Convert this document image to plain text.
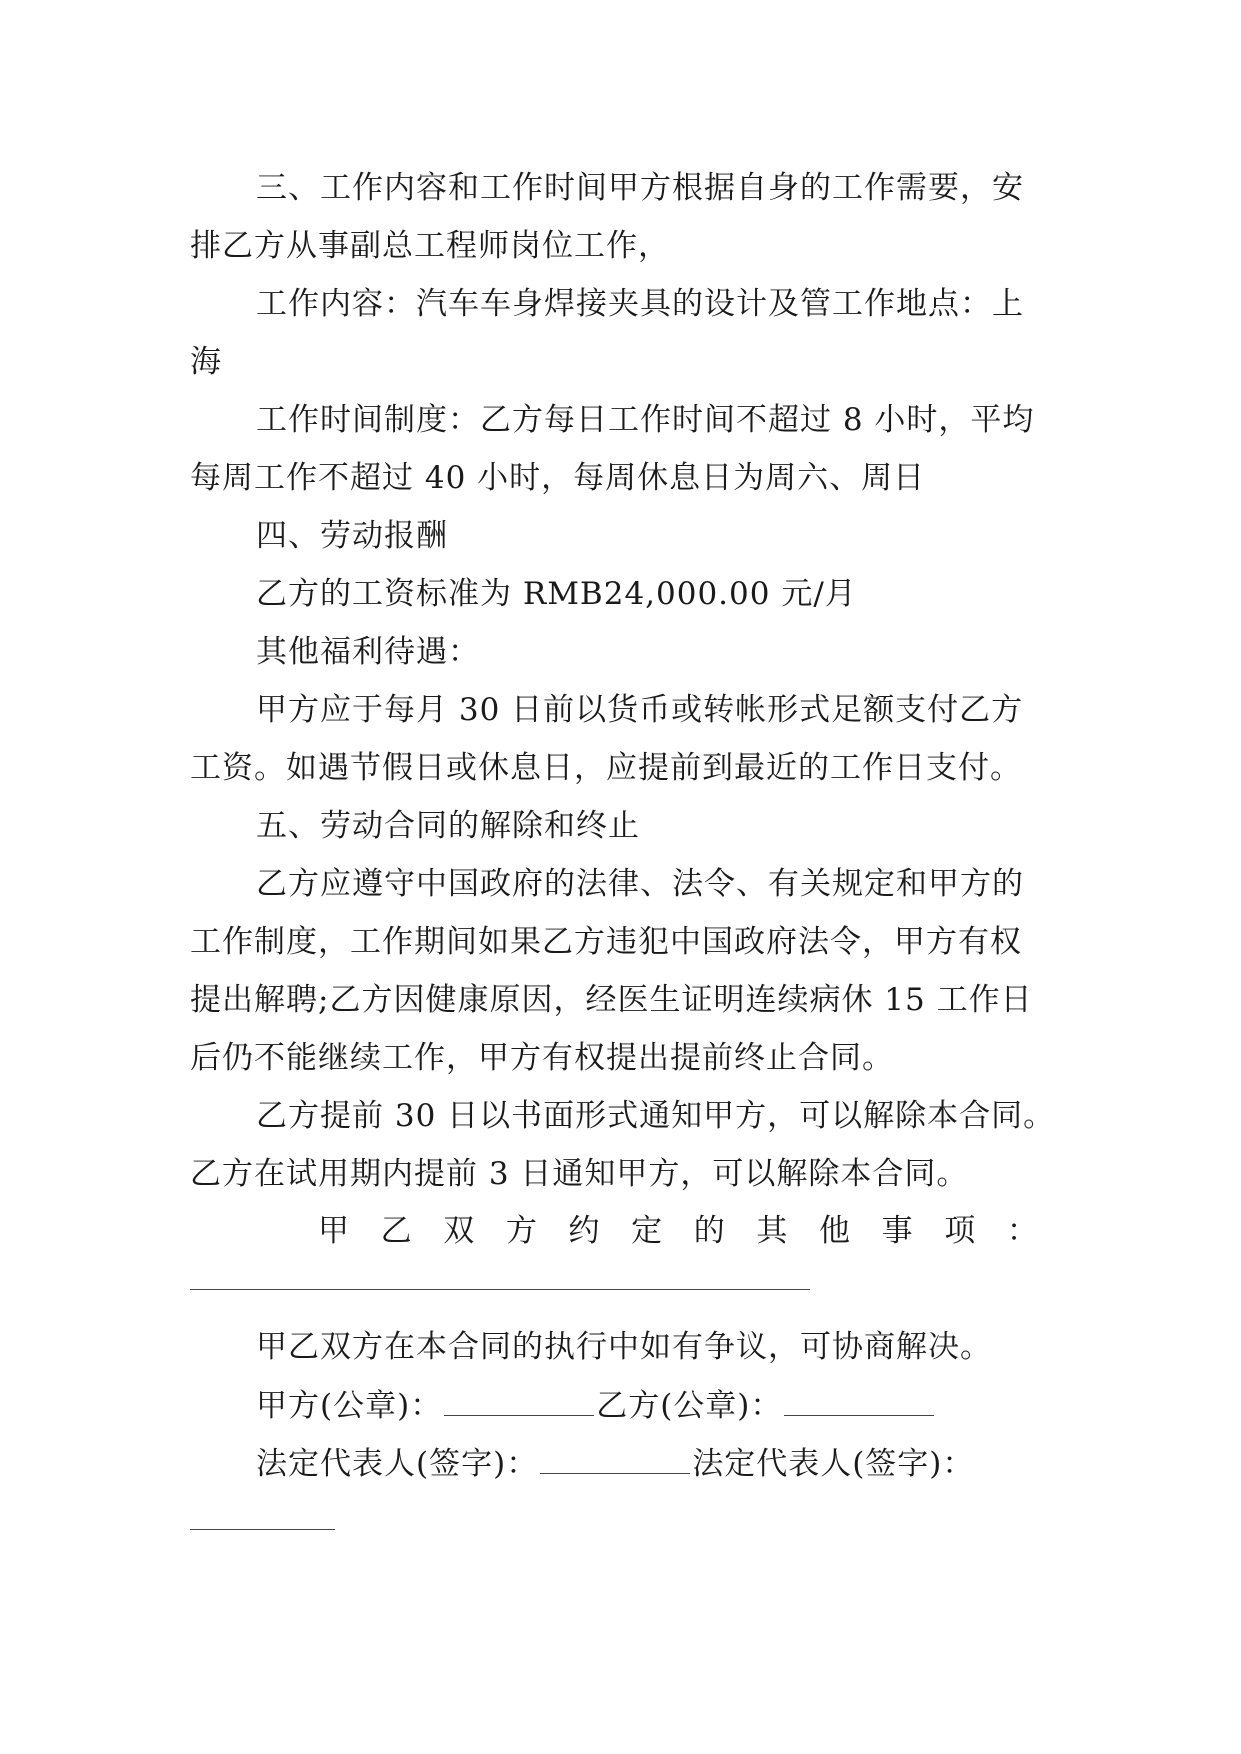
三、工作内容和工作时间甲方根据自身的工作需要，安
排乙方从事副总工程师岗位工作，
工作内容：汽车车身焊接夹具的设计及管工作地点：上
海
工作时间制度：乙方每日工作时间不超过 8 小时，平均
每周工作不超过 40 小时，每周休息日为周六、周日
四、劳动报酬
乙方的工资标准为 RMB24,000.00 元/月
其他福利待遇：
甲方应于每月 30 日前以货币或转帐形式足额支付乙方
工资。如遇节假日或休息日，应提前到最近的工作日支付。
五、劳动合同的解除和终止
乙方应遵守中国政府的法律、法令、有关规定和甲方的
工作制度，工作期间如果乙方违犯中国政府法令，甲方有权
提出解聘;乙方因健康原因，经医生证明连续病休 15 工作日
后仍不能继续工作，甲方有权提出提前终止合同。
乙方提前 30 日以书面形式通知甲方，可以解除本合同。
乙方在试用期内提前 3 日通知甲方，可以解除本合同。
甲 乙 双 方 约 定 的 其 他 事 项 ：
甲乙双方在本合同的执行中如有争议，可协商解决。
甲方(公章)：	乙方(公章)：
法定代表人(签字)：	法定代表人(签字)：
